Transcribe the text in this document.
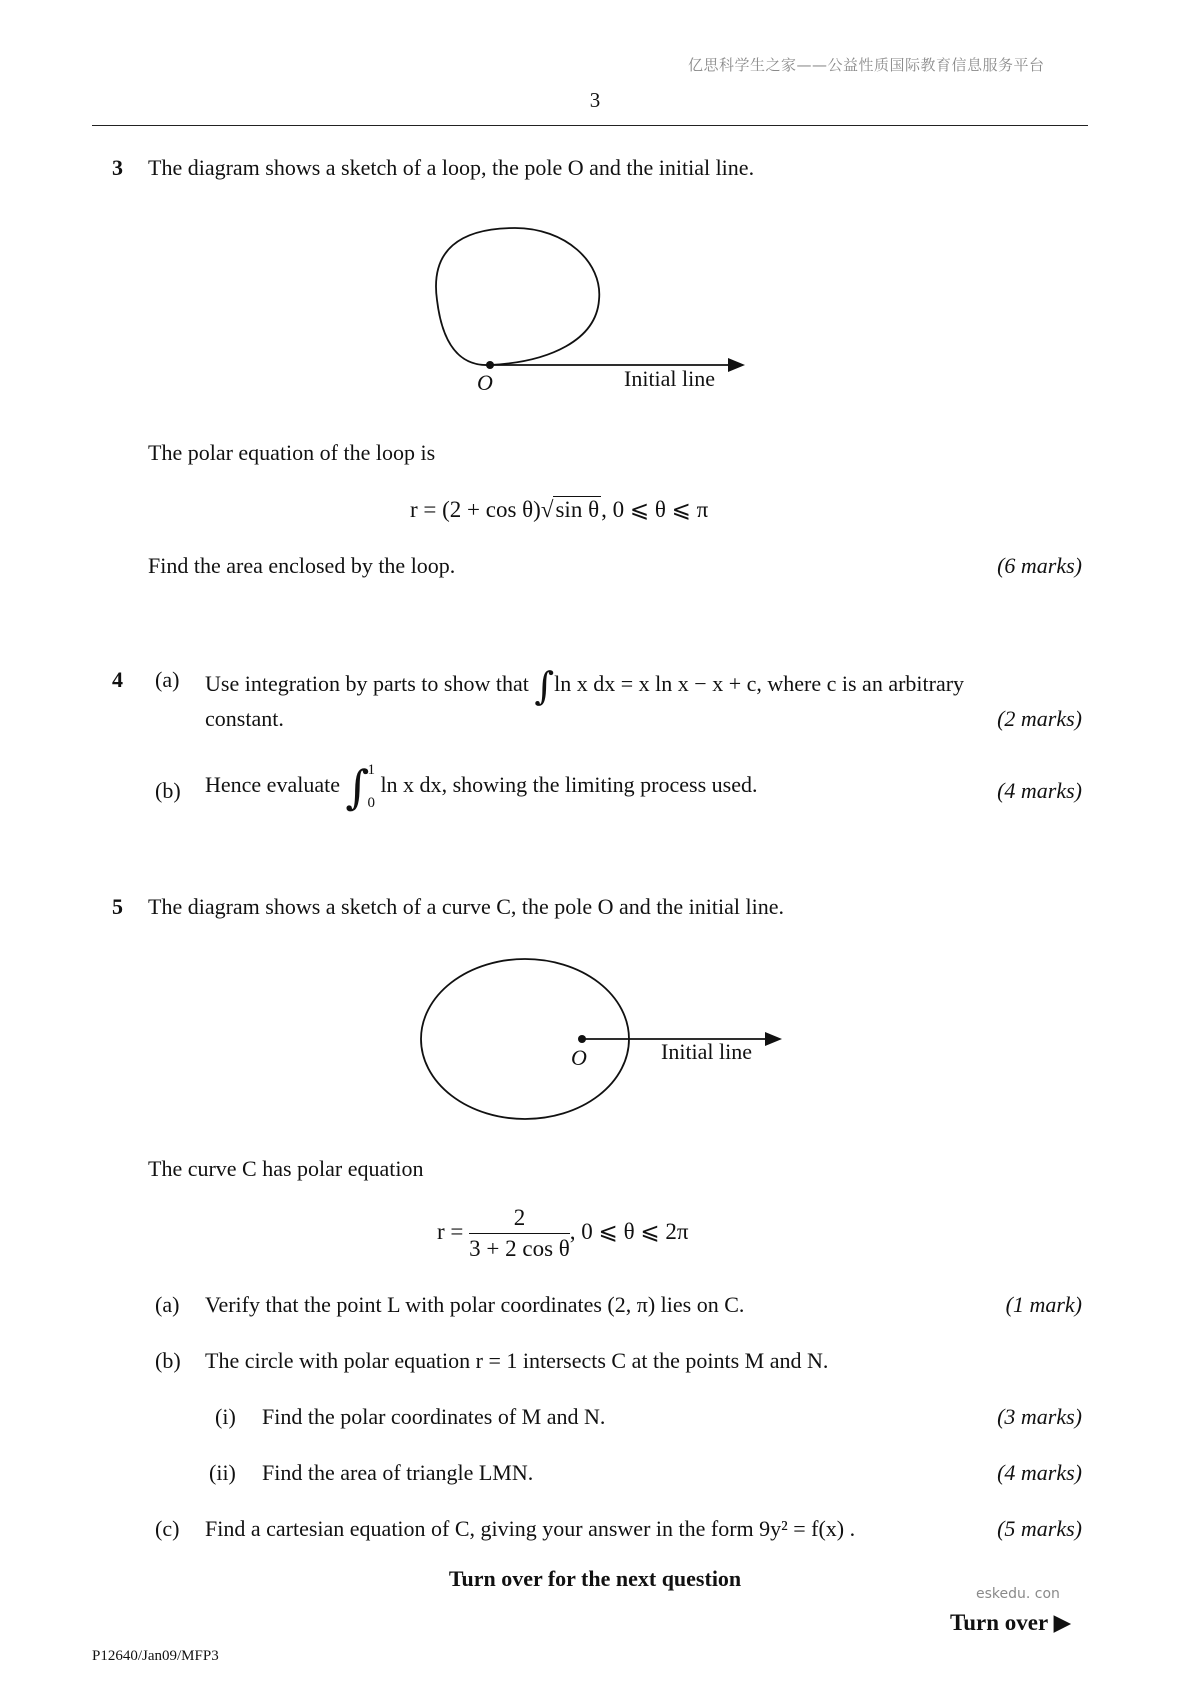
亿思科学生之家——公益性质国际教育信息服务平台
3
3 The diagram shows a sketch of a loop, the pole O and the initial line.
O	Initial line
The polar equation of the loop is
r = (2 + cos θ)√sin θ, 0 ⩽ θ ⩽ π
Find the area enclosed by the loop.	(6 marks)
4 (a) Use integration by parts to show that ∫ln x dx = x ln x − x + c, where c is an arbitrary
constant.	(2 marks)
(b) Hence evaluate ∫1

0 ln x dx, showing the limiting process used.	(4 marks)
5 The diagram shows a sketch of a curve C, the pole O and the initial line.
O	Initial line
The curve C has polar equation
$r = \frac{2}{\text{3 + 2 cos θ}}$ , 0 ⩽ θ ⩽ 2π
(a) Verify that the point L with polar coordinates (2, π) lies on C.	(1 mark)
(b) The circle with polar equation r = 1 intersects C at the points M and N.
(i) Find the polar coordinates of M and N.	(3 marks)
(ii) Find the area of triangle LMN.	(4 marks)
(c) Find a cartesian equation of C, giving your answer in the form 9y² = f(x) .	(5 marks)
Turn over for the next question
eskedu. con
Turn over ▶
P12640/Jan09/MFP3
